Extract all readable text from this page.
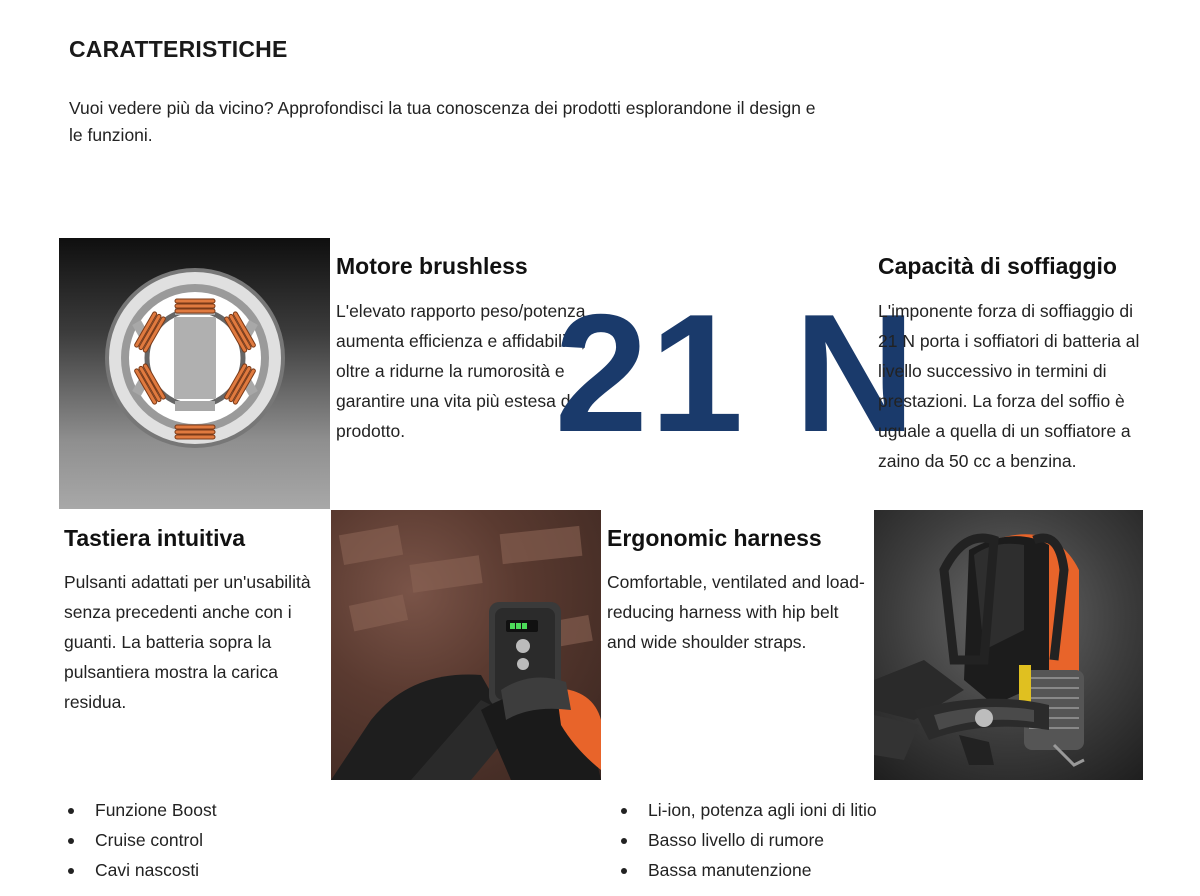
CARATTERISTICHE

Vuoi vedere più da vicino? Approfondisci la tua conoscenza dei prodotti esplorandone il design e le funzioni.

Motore brushless

L'elevato rapporto peso/potenza aumenta efficienza e affidabilità, oltre a ridurne la rumorosità e garantire una vita più estesa del prodotto. 21 N
Capacità di soffiaggio

L'imponente forza di soffiaggio di 21 N porta i soffiatori di batteria al livello successivo in termini di prestazioni. La forza del soffio è uguale a quella di un soffiatore a zaino da 50 cc a benzina.

Tastiera intuitiva

Pulsanti adattati per un'usabilità senza precedenti anche con i guanti. La batteria sopra la pulsantiera mostra la carica residua.

Ergonomic harness

Comfortable, ventilated and load-reducing harness with hip belt and wide shoulder straps.

Funzione Boost
Cruise control
Cavi nascosti
Li-ion, potenza agli ioni di litio
Basso livello di rumore
Bassa manutenzione
